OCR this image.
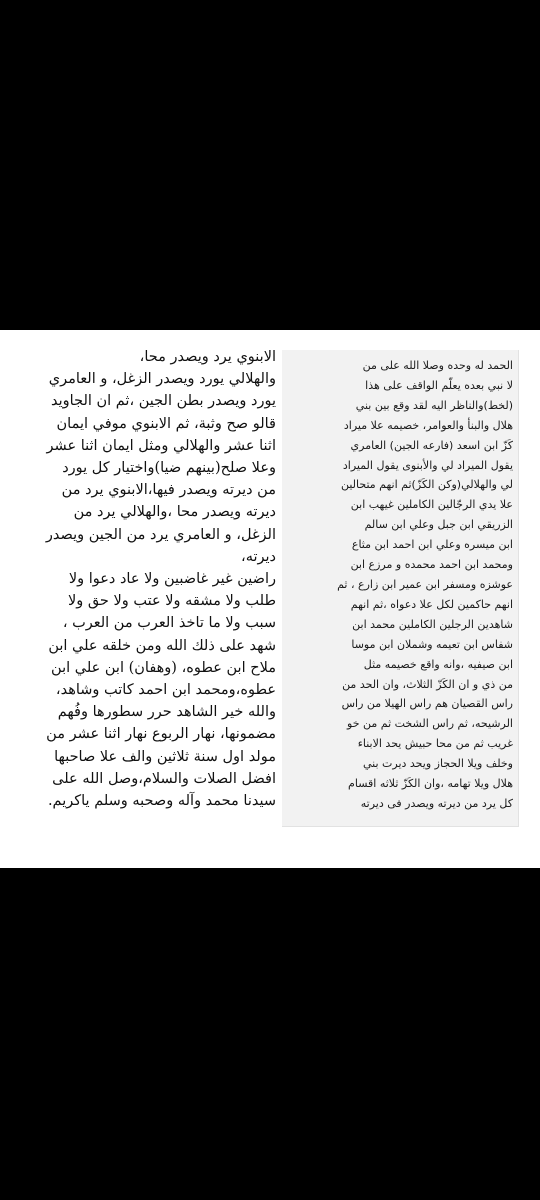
الحمد له وحده وصلا الله على من
لا نبي بعده يعلّم الواقف على هذا
(لخط)والناظر اليه لقد وقع بين بني
هلال والبنأ والعوامر، خصيمه علا ميراد
كَزّ ابن اسعد (فارعه الجين) العامري
يقول الميراد لي والأبنوى يقول الميراد
لي والهلالي(وكن الكَزّ)ثم انهم متحالين
علا يدي الرجّالين الكاملين غيهب ابن
الزريقي ابن جبل وعلي ابن سالم
ابن ميسره وعلي ابن احمد ابن مثاع
ومحمد ابن احمد محمده و مرزع ابن
عوشزه ومسفر ابن عمير ابن زارع ، ثم
انهم حاكمين لكل علا دعواه ،ثم انهم
شاهدين الرجلين الكاملين محمد ابن
شفاس ابن تعيمه وشملان ابن موسا
ابن صيفيه ،وانه واقع خصيمه مثل
من ذي و ان الكَزّ الثلاث، وان الحد من
راس القصيان هم راس الهيلا من راس
الرشيحه، ثم راس الشخت ثم من خو
غريب ثم من محا حبيش يحد الابناء
وخلف ويلا الحجاز ويحد ديرت بني
هلال ويلا تهامه ،وان الكَزّ ثلاثه اقسام
كل يرد من ديرته ويصدر فى ديرته
الابنوي يرد ويصدر محا،
والهلالي يورد ويصدر الزغل، و العامري
يورد ويصدر بطن الجين ،ثم ان الجاويد
قالو صح وثبة، ثم الابنوي موفي ايمان
اثنا عشر والهلالي ومثل ايمان اثنا عشر
وعلا صلح(بينهم ضيا)واختيار كل يورد
من ديرته ويصدر فيها،الابنوي يرد من
ديرته ويصدر محا ،والهلالي يرد من
الزغل، و العامري يرد من الجين ويصدر
ديرته،
راضين غير غاضبين ولا عاد دعوا ولا
طلب ولا مشقه ولا عتب ولا حق ولا
سبب ولا ما تاخذ العرب من العرب ،
شهد على ذلك الله ومن خلقه علي ابن
ملاح ابن عطوه، (وهفان) ابن علي ابن
عطوه،ومحمد ابن احمد كاتب وشاهد،
والله خير الشاهد حرر سطورها وفُهم
مضمونها، نهار الربوع نهار اثنا عشر من
مولد اول سنة ثلاثين والف علا صاحبها
افضل الصلات والسلام،وصل الله على
سيدنا محمد وآله وصحبه وسلم ياكريم.
